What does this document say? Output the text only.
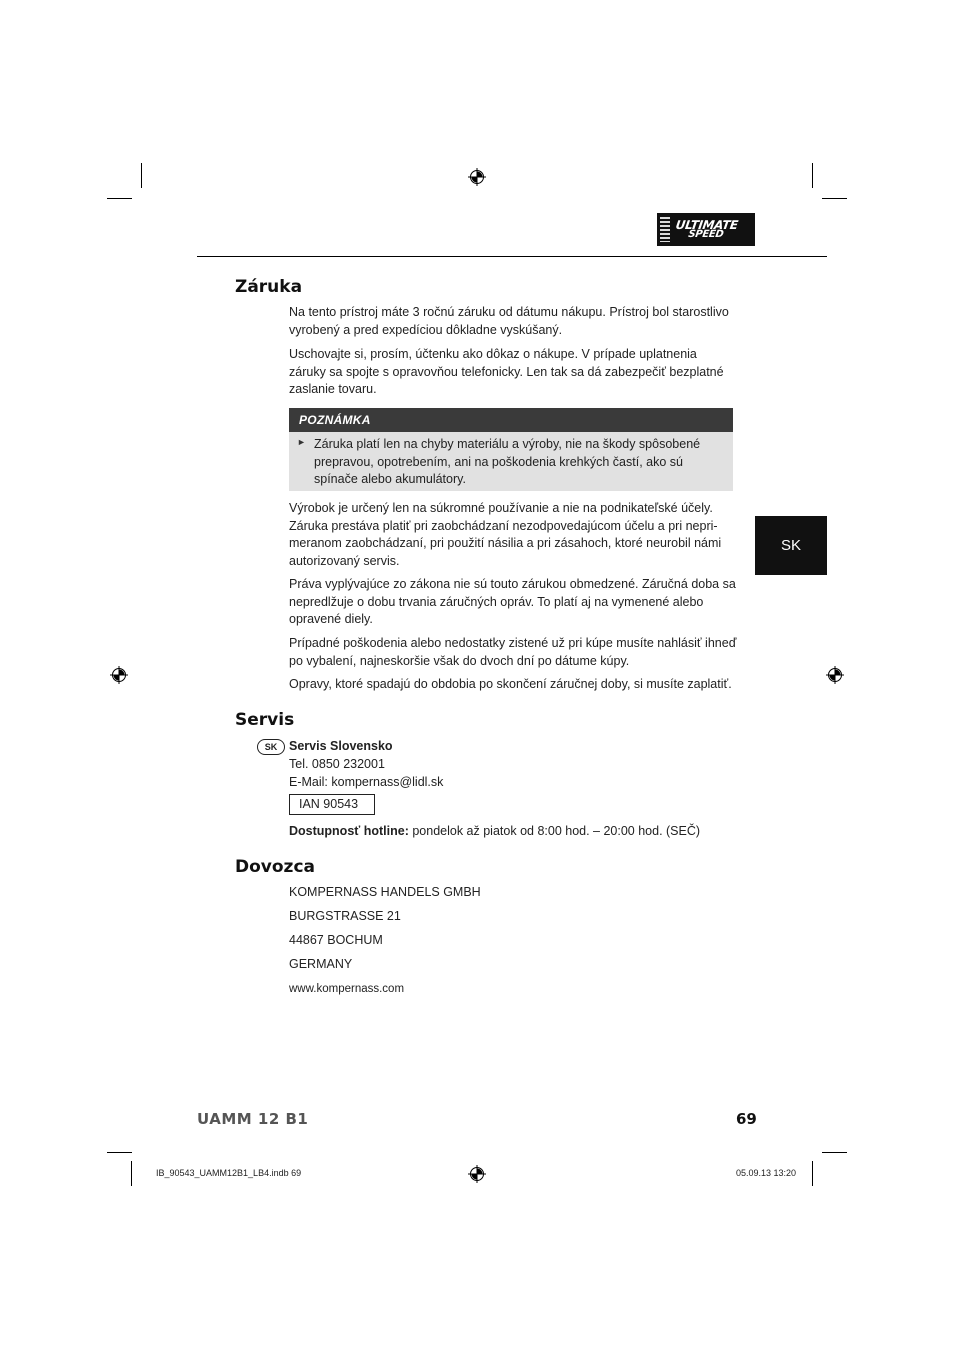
ULTIMATE
SPEED
Záruka

Na tento prístroj máte 3 ročnú záruku od dátumu nákupu. Prístroj bol starostlivo vyrobený a pred expedíciou dôkladne vyskúšaný.

Uschovajte si, prosím, účtenku ako dôkaz o nákupe. V prípade uplatnenia záruky sa spojte s opravovňou telefonicky. Len tak sa dá zabezpečiť bezplatné zaslanie tovaru.

POZNÁMKA
► Záruka platí len na chyby materiálu a výroby, nie na škody spôsobené prepravou, opotrebením, ani na poškodenia krehkých častí, ako sú spínače alebo akumulátory.

Výrobok je určený len na súkromné používanie a nie na podnikateľské účely. Záruka prestáva platiť pri zaobchádzaní nezodpovedajúcom účelu a pri nepri-meranom zaobchádzaní, pri použití násilia a pri zásahoch, ktoré neurobil námi autorizovaný servis.

Práva vyplývajúce zo zákona nie sú touto zárukou obmedzené. Záručná doba sa nepredlžuje o dobu trvania záručných opráv. To platí aj na vymenené alebo opravené diely.

Prípadné poškodenia alebo nedostatky zistené už pri kúpe musíte nahlásiť ihneď po vybalení, najneskoršie však do dvoch dní po dátume kúpy.

Opravy, ktoré spadajú do obdobia po skončení záručnej doby, si musíte zaplatiť.

SK
Servis
SK Servis Slovensko

Tel. 0850 232001

E-Mail: kompernass@lidl.sk

IAN 90543

Dostupnosť hotline: pondelok až piatok od 8:00 hod. – 20:00 hod. (SEČ)

Dovozca

KOMPERNASS HANDELS GMBH

BURGSTRASSE 21

44867 BOCHUM

GERMANY

www.kompernass.com

UAMM 12 B1	69
IB_90543_UAMM12B1_LB4.indb 69	05.09.13 13:20
